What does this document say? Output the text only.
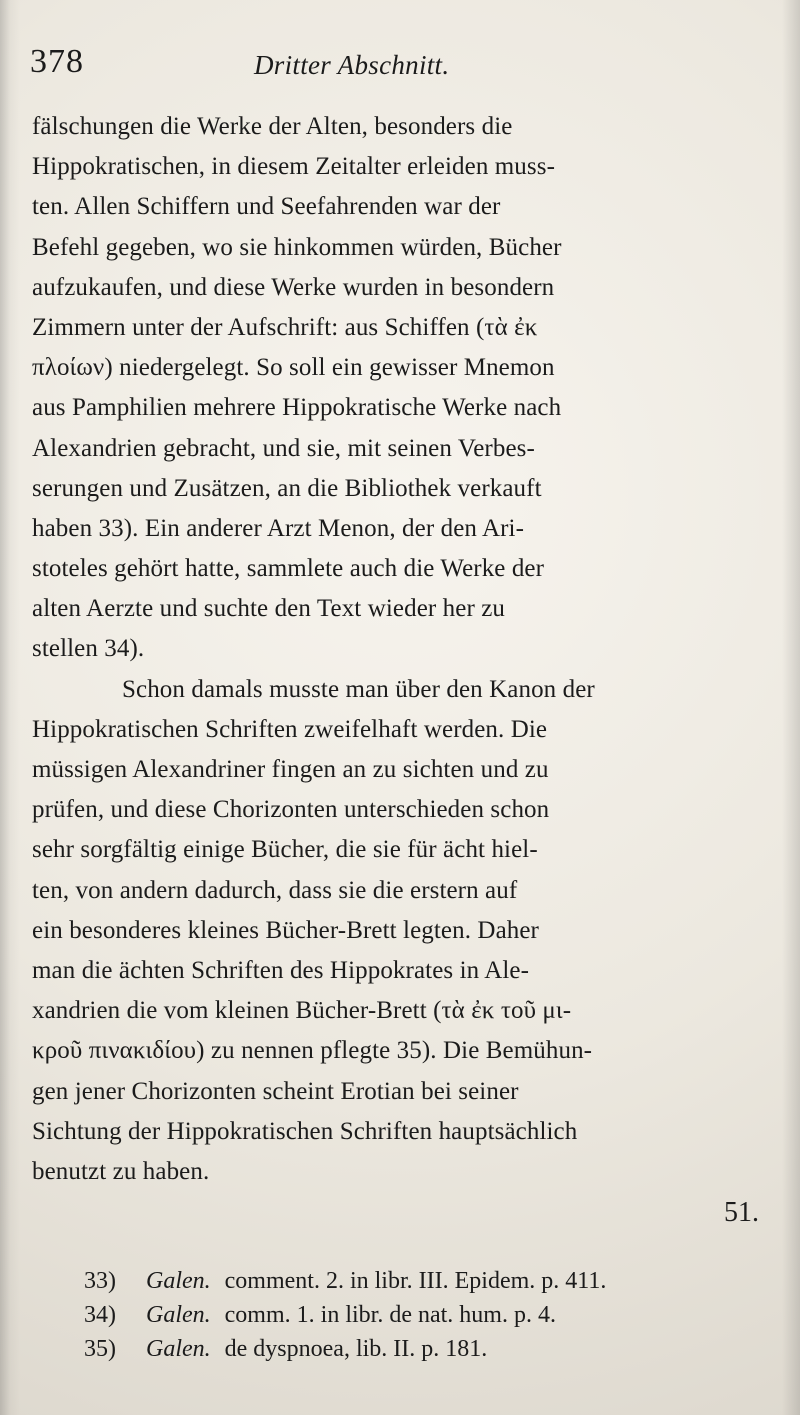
378	Dritter Abschnitt.
fälschungen die Werke der Alten, besonders die
Hippokratischen, in diesem Zeitalter erleiden muss-
ten. Allen Schiffern und Seefahrenden war der
Befehl gegeben, wo sie hinkommen würden, Bücher
aufzukaufen, und diese Werke wurden in besondern
Zimmern unter der Aufschrift: aus Schiffen (τὰ ἐκ
πλοίων) niedergelegt. So soll ein gewisser Mnemon
aus Pamphilien mehrere Hippokratische Werke nach
Alexandrien gebracht, und sie, mit seinen Verbes-
serungen und Zusätzen, an die Bibliothek verkauft
haben 33). Ein anderer Arzt Menon, der den Ari-
stoteles gehört hatte, sammlete auch die Werke der
alten Aerzte und suchte den Text wieder her zu
stellen 34).
Schon damals musste man über den Kanon der
Hippokratischen Schriften zweifelhaft werden. Die
müssigen Alexandriner fingen an zu sichten und zu
prüfen, und diese Chorizonten unterschieden schon
sehr sorgfältig einige Bücher, die sie für ächt hiel-
ten, von andern dadurch, dass sie die erstern auf
ein besonderes kleines Bücher-Brett legten. Daher
man die ächten Schriften des Hippokrates in Ale-
xandrien die vom kleinen Bücher-Brett (τὰ ἐκ τοῦ μι-
κροῦ πινακιδίου) zu nennen pflegte 35). Die Bemühun-
gen jener Chorizonten scheint Erotian bei seiner
Sichtung der Hippokratischen Schriften hauptsächlich
benutzt zu haben.
51.
33) Galen. comment. 2. in libr. III. Epidem. p. 411.
34) Galen. comm. 1. in libr. de nat. hum. p. 4.
35) Galen. de dyspnoea, lib. II. p. 181.
